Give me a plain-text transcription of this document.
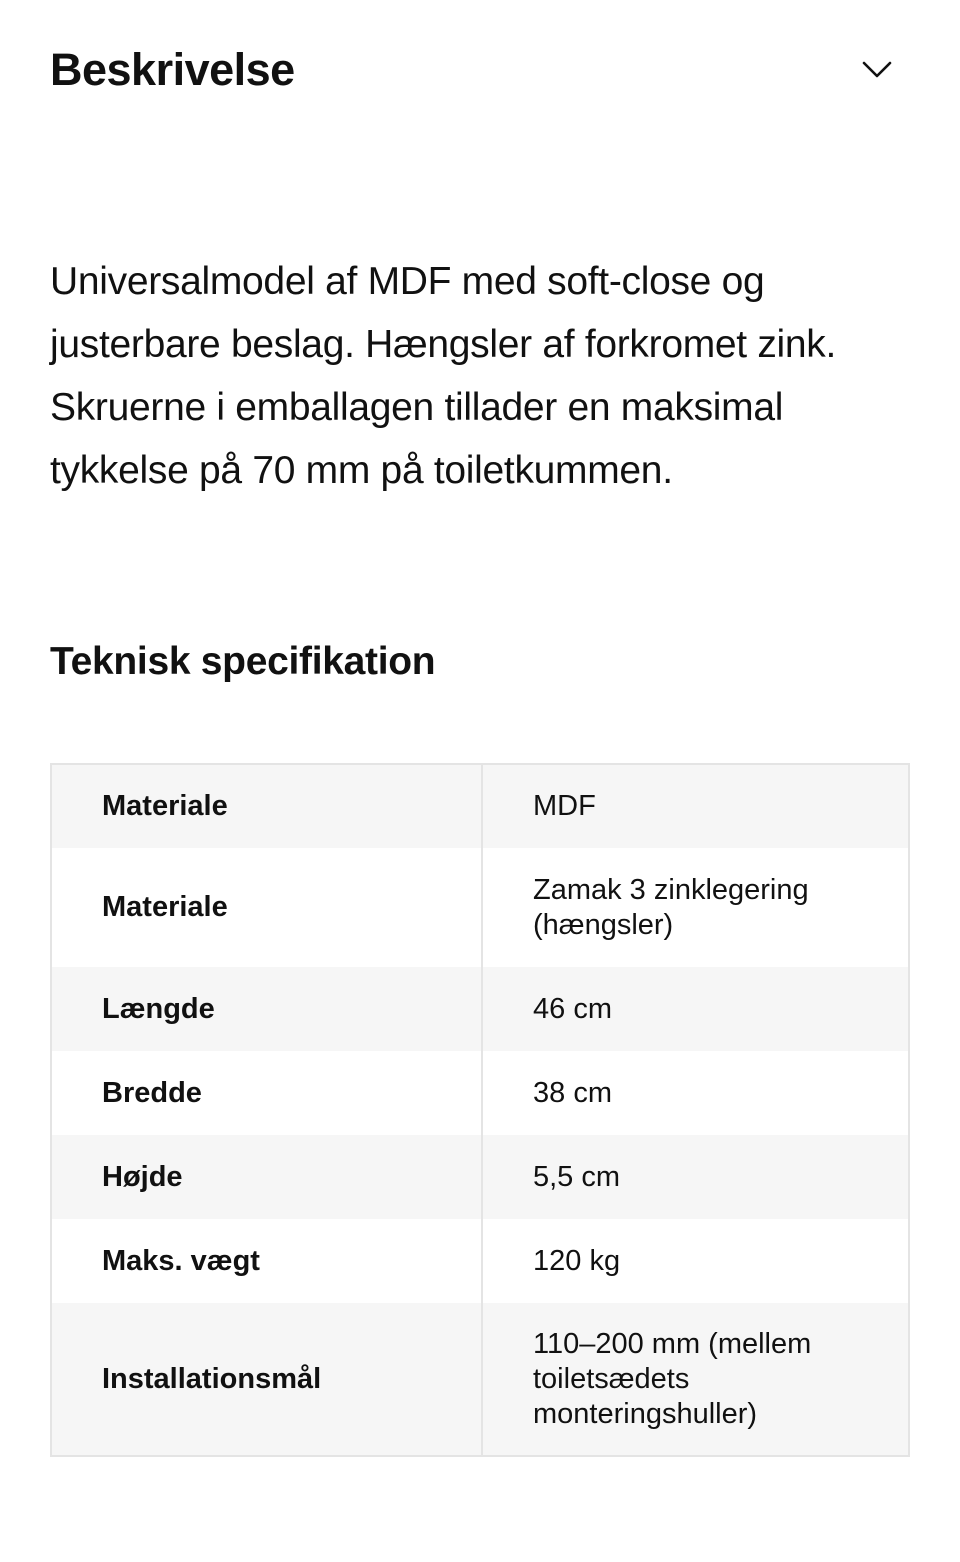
Beskrivelse

Universalmodel af MDF med soft-close og justerbare beslag. Hængsler af forkromet zink. Skruerne i emballagen tillader en maksimal tykkelse på 70 mm på toiletkummen.

Teknisk specifikation
Materiale	MDF
Materiale	Zamak 3 zinklegering (hængsler)
Længde	46 cm
Bredde	38 cm
Højde	5,5 cm
Maks. vægt	120 kg
Installationsmål	110–200 mm (mellem toiletsædets monteringshuller)
